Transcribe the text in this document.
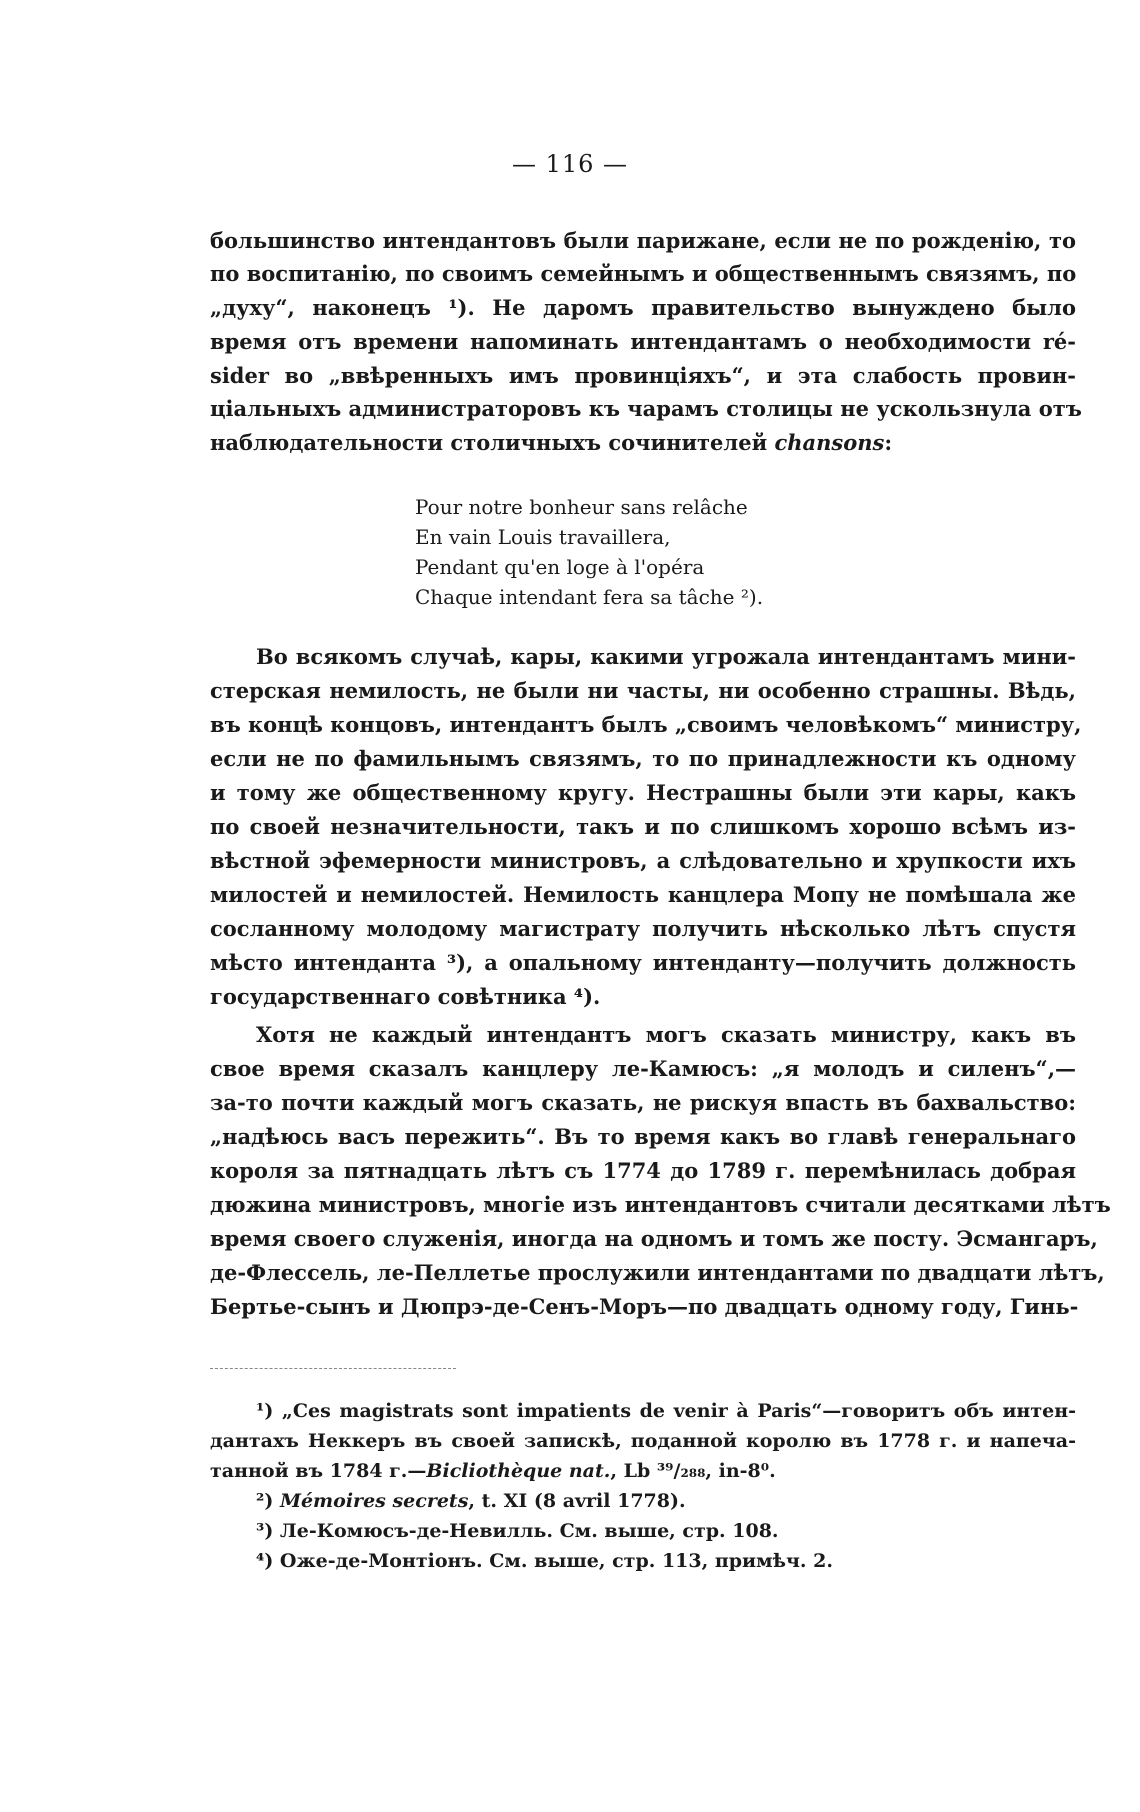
— 116 —
большинство интендантовъ были парижане, если не по рожденію, то
по воспитанію, по своимъ семейнымъ и общественнымъ связямъ, по
„духу“, наконецъ ¹). Не даромъ правительство вынуждено было
время отъ времени напоминать интендантамъ о необходимости ré-
sider во „ввѣренныхъ имъ провинціяхъ“, и эта слабость провин-
ціальныхъ администраторовъ къ чарамъ столицы не ускользнула отъ
наблюдательности столичныхъ сочинителей chansons:
Pour notre bonheur sans relâche
En vain Louis travaillera,
Pendant qu'en loge à l'opéra
Chaque intendant fera sa tâche ²).
Во всякомъ случаѣ, кары, какими угрожала интендантамъ мини-
стерская немилость, не были ни часты, ни особенно страшны. Вѣдь,
въ концѣ концовъ, интендантъ былъ „своимъ человѣкомъ“ министру,
если не по фамильнымъ связямъ, то по принадлежности къ одному
и тому же общественному кругу. Нестрашны были эти кары, какъ
по своей незначительности, такъ и по слишкомъ хорошо всѣмъ из-
вѣстной эфемерности министровъ, а слѣдовательно и хрупкости ихъ
милостей и немилостей. Немилость канцлера Мопу не помѣшала же
сосланному молодому магистрату получить нѣсколько лѣтъ спустя
мѣсто интенданта ³), а опальному интенданту—получить должность
государственнаго совѣтника ⁴).
Хотя не каждый интендантъ могъ сказать министру, какъ въ
свое время сказалъ канцлеру ле-Камюсъ: „я молодъ и силенъ“,—
за-то почти каждый могъ сказать, не рискуя впасть въ бахвальство:
„надѣюсь васъ пережить“. Въ то время какъ во главѣ генеральнаго
короля за пятнадцать лѣтъ съ 1774 до 1789 г. перемѣнилась добрая
дюжина министровъ, многіе изъ интендантовъ считали десятками лѣтъ
время своего служенія, иногда на одномъ и томъ же посту. Эсмангаръ,
де-Флессель, ле-Пеллетье прослужили интендантами по двадцати лѣтъ,
Бертье-сынъ и Дюпрэ-де-Сенъ-Моръ—по двадцать одному году, Гинь-
¹) „Ces magistrats sont impatients de venir à Paris“—говоритъ объ интен-
дантахъ Неккеръ въ своей запискѣ, поданной королю въ 1778 г. и напеча-
танной въ 1784 г.—Bicliothèque nat., Lb ³⁹/₂₈₈, in-8⁰.
²) Mémoires secrets, t. XI (8 avril 1778).
³) Ле-Комюсъ-де-Невилль. См. выше, стр. 108.
⁴) Оже-де-Монтіонъ. См. выше, стр. 113, примѣч. 2.
